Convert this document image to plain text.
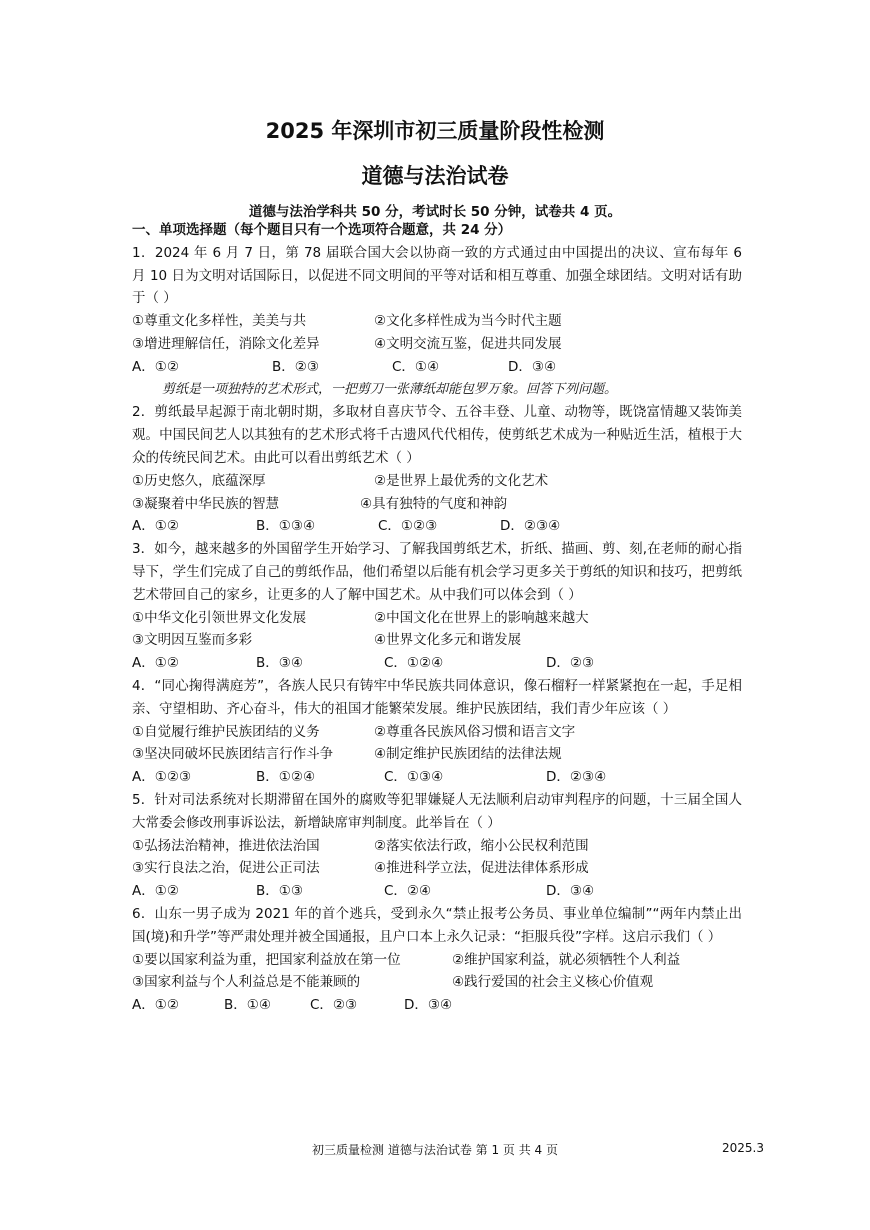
2025 年深圳市初三质量阶段性检测
道德与法治试卷
道德与法治学科共 50 分，考试时长 50 分钟，试卷共 4 页。
一、单项选择题（每个题目只有一个选项符合题意，共 24 分）
1．2024 年 6 月 7 日，第 78 届联合国大会以协商一致的方式通过由中国提出的决议、宣布每年 6 月 10 日为文明对话国际日，以促进不同文明间的平等对话和相互尊重、加强全球团结。文明对话有助于（ ）
①尊重文化多样性，美美与共	②文化多样性成为当今时代主题
③增进理解信任，消除文化差异	④文明交流互鉴，促进共同发展
A．①②	B．②③	C．①④	D．③④
剪纸是一项独特的艺术形式，一把剪刀一张薄纸却能包罗万象。回答下列问题。
2．剪纸最早起源于南北朝时期，多取材自喜庆节令、五谷丰登、儿童、动物等，既饶富情趣又装饰美观。中国民间艺人以其独有的艺术形式将千古遗风代代相传，使剪纸艺术成为一种贴近生活，植根于大众的传统民间艺术。由此可以看出剪纸艺术（ ）
①历史悠久，底蕴深厚	②是世界上最优秀的文化艺术
③凝聚着中华民族的智慧	④具有独特的气度和神韵
A．①②	B．①③④	C．①②③	D．②③④
3．如今，越来越多的外国留学生开始学习、了解我国剪纸艺术，折纸、描画、剪、刻,在老师的耐心指导下，学生们完成了自己的剪纸作品，他们希望以后能有机会学习更多关于剪纸的知识和技巧，把剪纸艺术带回自己的家乡，让更多的人了解中国艺术。从中我们可以体会到（ ）
①中华文化引领世界文化发展	②中国文化在世界上的影响越来越大
③文明因互鉴而多彩	④世界文化多元和谐发展
A．①②	B．③④	C．①②④	D．②③
4．“同心掬得满庭芳”，各族人民只有铸牢中华民族共同体意识，像石榴籽一样紧紧抱在一起，手足相亲、守望相助、齐心奋斗，伟大的祖国才能繁荣发展。维护民族团结，我们青少年应该（ ）
①自觉履行维护民族团结的义务	②尊重各民族风俗习惯和语言文字
③坚决同破坏民族团结言行作斗争	④制定维护民族团结的法律法规
A．①②③	B．①②④	C．①③④	D．②③④
5．针对司法系统对长期滞留在国外的腐败等犯罪嫌疑人无法顺利启动审判程序的问题，十三届全国人大常委会修改刑事诉讼法，新增缺席审判制度。此举旨在（ ）
①弘扬法治精神，推进依法治国	②落实依法行政，缩小公民权利范围
③实行良法之治，促进公正司法	④推进科学立法，促进法律体系形成
A．①②	B．①③	C．②④	D．③④
6．山东一男子成为 2021 年的首个逃兵，受到永久“禁止报考公务员、事业单位编制”“两年内禁止出国(境)和升学”等严肃处理并被全国通报，且户口本上永久记录：“拒服兵役”字样。这启示我们（ ）
①要以国家利益为重，把国家利益放在第一位	②维护国家利益，就必须牺牲个人利益
③国家利益与个人利益总是不能兼顾的	④践行爱国的社会主义核心价值观
A．①②	B．①④	C．②③	D．③④
初三质量检测 道德与法治试卷 第 1 页 共 4 页	2025.3
